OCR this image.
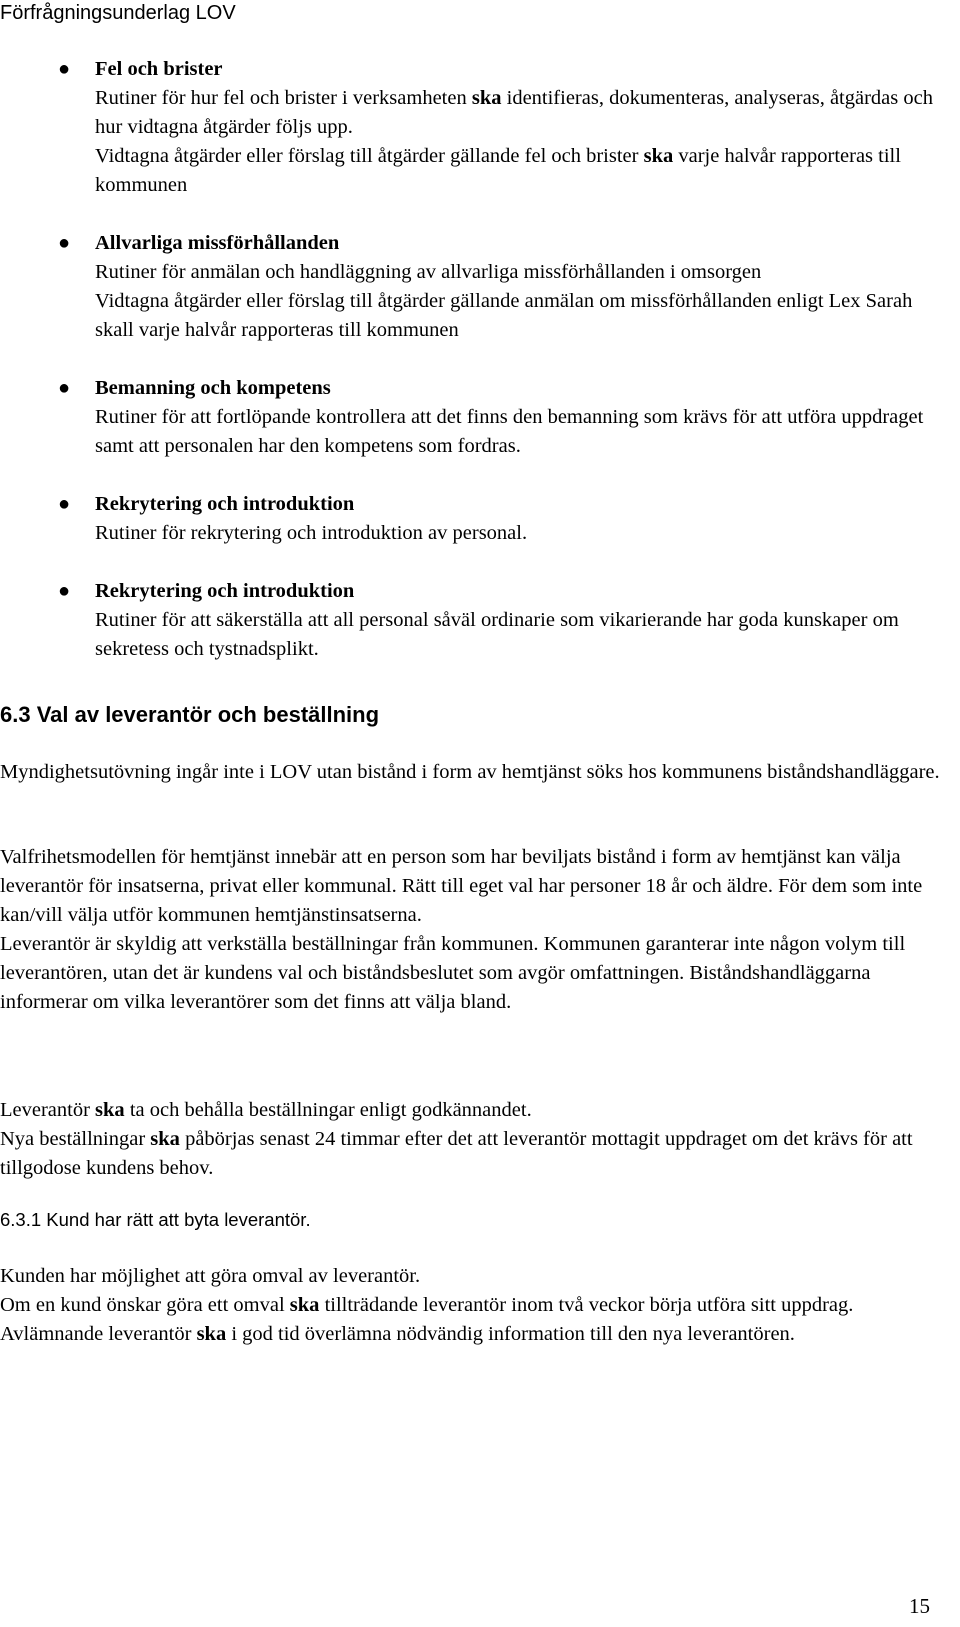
Förfrågningsunderlag LOV
● Fel och brister

Rutiner för hur fel och brister i verksamheten ska identifieras, dokumenteras, analyseras, åtgärdas och hur vidtagna åtgärder följs upp.

Vidtagna åtgärder eller förslag till åtgärder gällande fel och brister ska varje halvår rapporteras till kommunen

● Allvarliga missförhållanden

Rutiner för anmälan och handläggning av allvarliga missförhållanden i omsorgen

Vidtagna åtgärder eller förslag till åtgärder gällande anmälan om missförhållanden enligt Lex Sarah skall varje halvår rapporteras till kommunen

● Bemanning och kompetens

Rutiner för att fortlöpande kontrollera att det finns den bemanning som krävs för att utföra uppdraget samt att personalen har den kompetens som fordras.

● Rekrytering och introduktion

Rutiner för rekrytering och introduktion av personal.

● Rekrytering och introduktion

Rutiner för att säkerställa att all personal såväl ordinarie som vikarierande har goda kunskaper om sekretess och tystnadsplikt.

6.3 Val av leverantör och beställning

Myndighetsutövning ingår inte i LOV utan bistånd i form av hemtjänst söks hos kommunens biståndshandläggare.

Valfrihetsmodellen för hemtjänst innebär att en person som har beviljats bistånd i form av hemtjänst kan välja leverantör för insatserna, privat eller kommunal. Rätt till eget val har personer 18 år och äldre. För dem som inte kan/vill välja utför kommunen hemtjänstinsatserna.

Leverantör är skyldig att verkställa beställningar från kommunen. Kommunen garanterar inte någon volym till leverantören, utan det är kundens val och biståndsbeslutet som avgör omfattningen. Biståndshandläggarna informerar om vilka leverantörer som det finns att välja bland.

Leverantör ska ta och behålla beställningar enligt godkännandet.

Nya beställningar ska påbörjas senast 24 timmar efter det att leverantör mottagit uppdraget om det krävs för att tillgodose kundens behov.

6.3.1 Kund har rätt att byta leverantör.

Kunden har möjlighet att göra omval av leverantör.

Om en kund önskar göra ett omval ska tillträdande leverantör inom två veckor börja utföra sitt uppdrag. Avlämnande leverantör ska i god tid överlämna nödvändig information till den nya leverantören.

15
